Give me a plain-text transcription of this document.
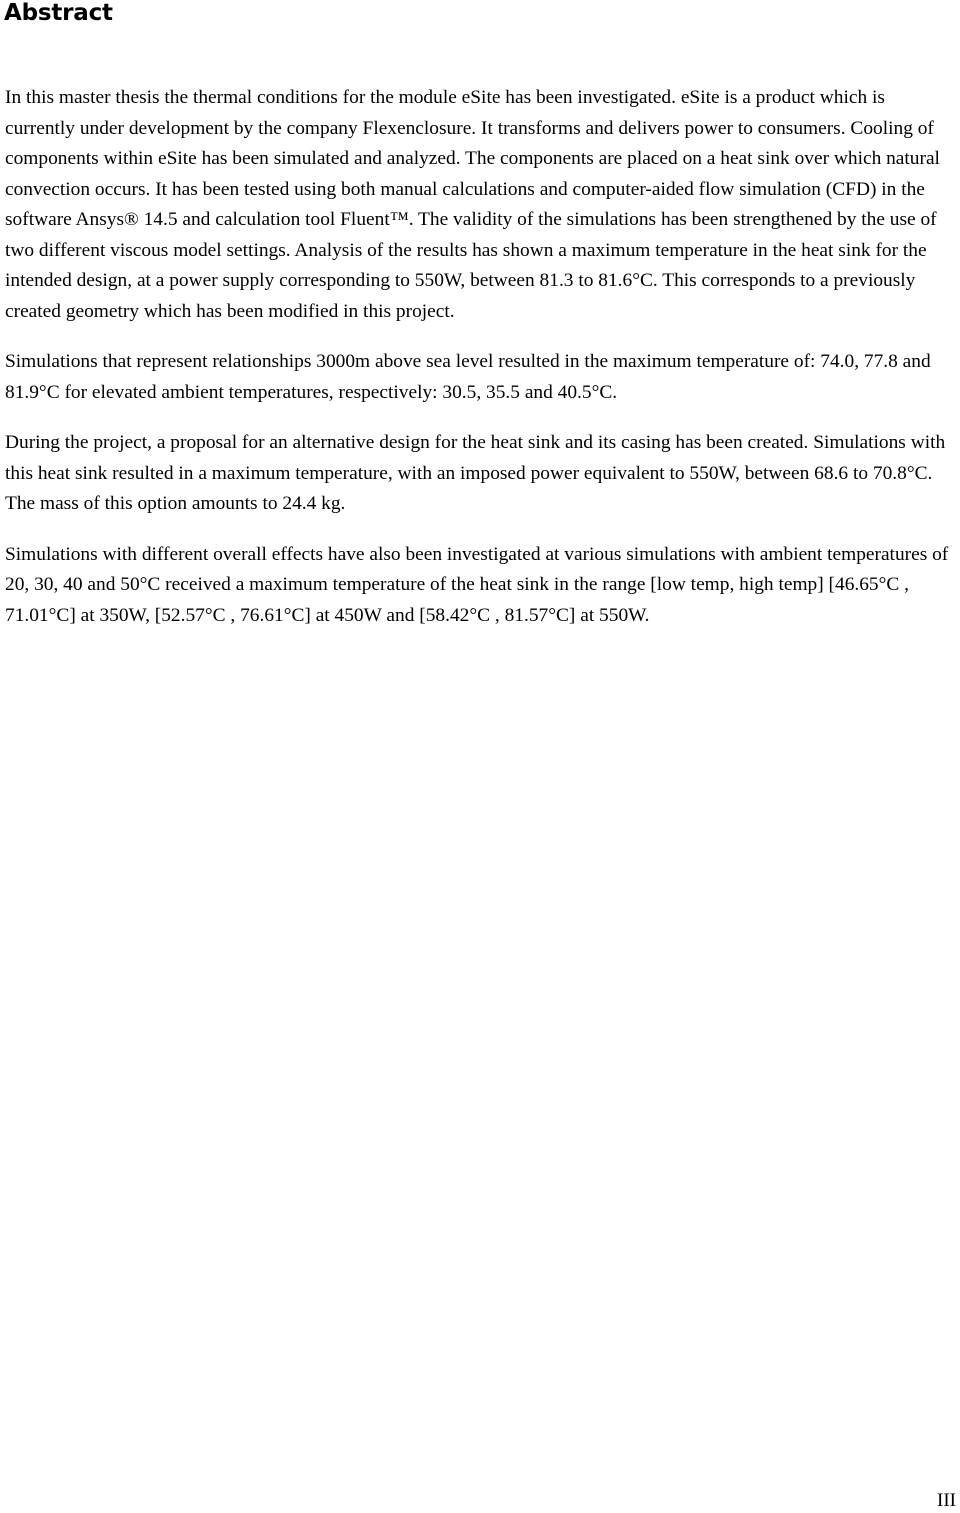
Abstract

In this master thesis the thermal conditions for the module eSite has been investigated. eSite is a product which is currently under development by the company Flexenclosure. It transforms and delivers power to consumers. Cooling of components within eSite has been simulated and analyzed. The components are placed on a heat sink over which natural convection occurs. It has been tested using both manual calculations and computer-aided flow simulation (CFD) in the software Ansys® 14.5 and calculation tool Fluent™. The validity of the simulations has been strengthened by the use of two different viscous model settings. Analysis of the results has shown a maximum temperature in the heat sink for the intended design, at a power supply corresponding to 550W, between 81.3 to 81.6°C. This corresponds to a previously created geometry which has been modified in this project.

Simulations that represent relationships 3000m above sea level resulted in the maximum temperature of: 74.0, 77.8 and 81.9°C for elevated ambient temperatures, respectively: 30.5, 35.5 and 40.5°C.

During the project, a proposal for an alternative design for the heat sink and its casing has been created. Simulations with this heat sink resulted in a maximum temperature, with an imposed power equivalent to 550W, between 68.6 to 70.8°C. The mass of this option amounts to 24.4 kg.

Simulations with different overall effects have also been investigated at various simulations with ambient temperatures of 20, 30, 40 and 50°C received a maximum temperature of the heat sink in the range [low temp, high temp] [46.65°C , 71.01°C] at 350W, [52.57°C , 76.61°C] at 450W and [58.42°C , 81.57°C] at 550W.

III
